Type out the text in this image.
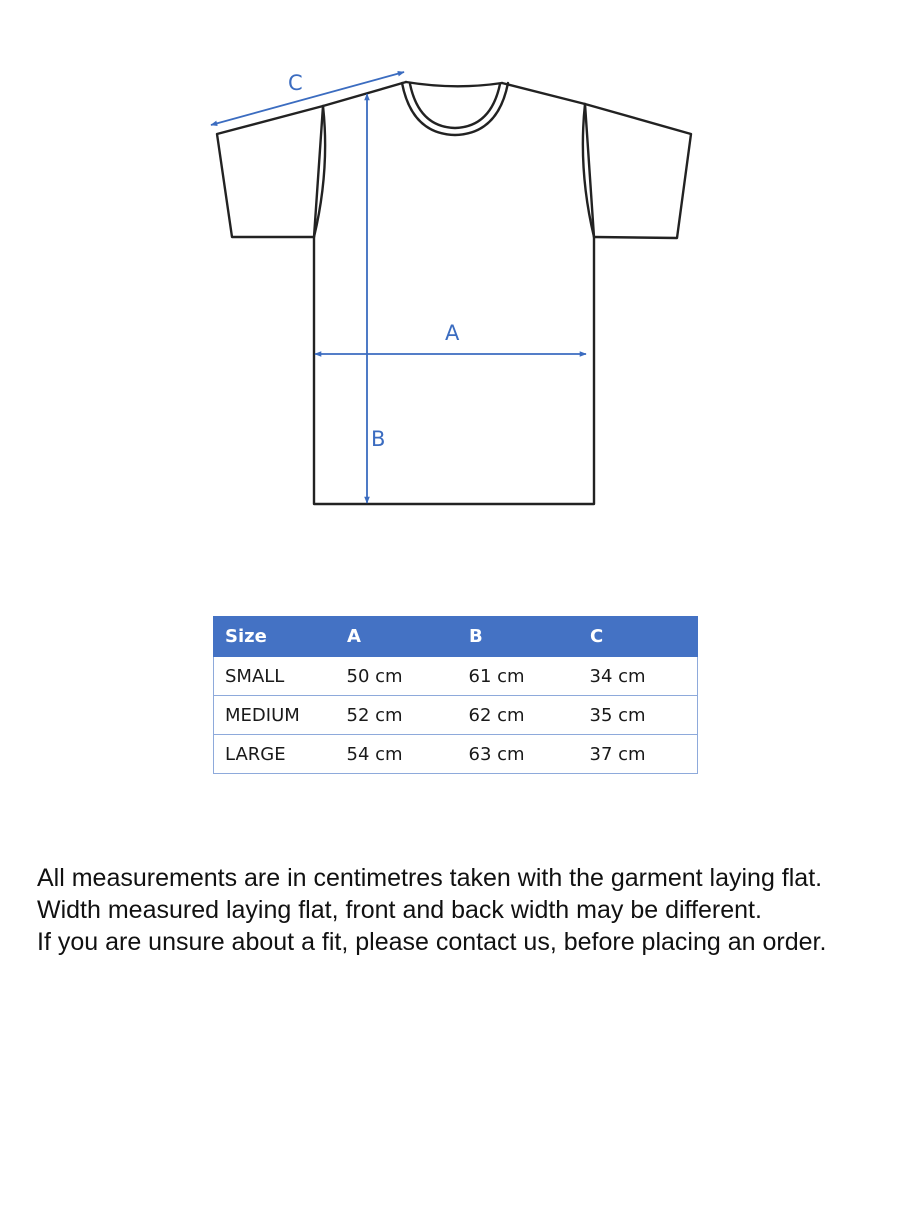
A
B
C
Size	A	B	C
SMALL	50 cm	61 cm	34 cm
MEDIUM	52 cm	62 cm	35 cm
LARGE	54 cm	63 cm	37 cm

All measurements are in centimetres taken with the garment laying flat.

Width measured laying flat, front and back width may be different.

If you are unsure about a fit, please contact us, before placing an order.
